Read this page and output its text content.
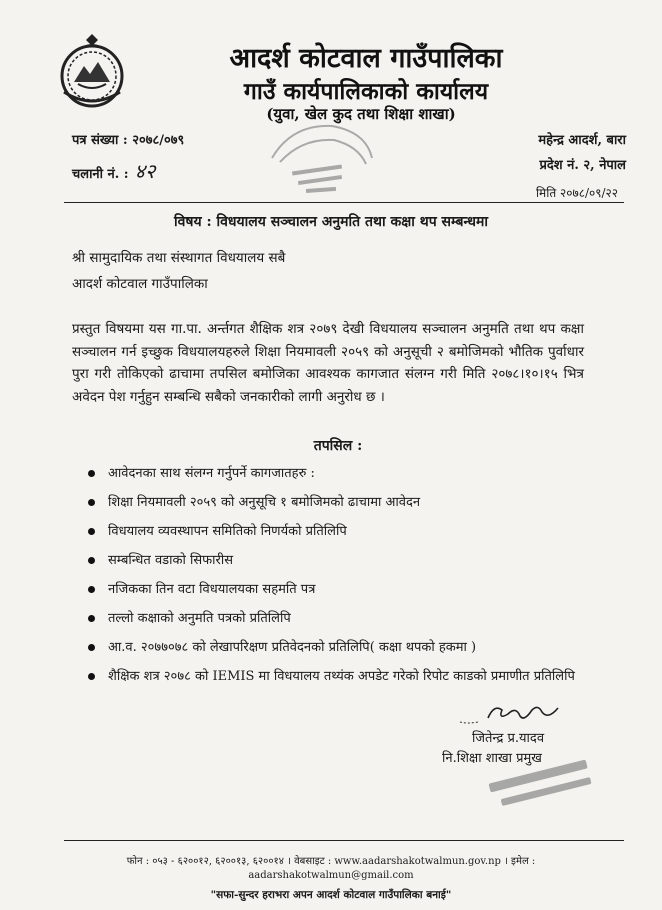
आदर्श कोटवाल गाउँपालिका
गाउँ कार्यपालिकाको कार्यालय
(युवा, खेल कुद तथा शिक्षा शाखा)
पत्र संख्या : २०७८/०७९
चलानी नं. : ४२
महेन्द्र आदर्श, बारा
प्रदेश नं. २, नेपाल
मिति २०७८/०९/२२
विषय : विधयालय सञ्चालन अनुमति तथा कक्षा थप सम्बन्धमा
श्री सामुदायिक तथा संस्थागत विधयालय सबै
आदर्श कोटवाल गाउँपालिका
प्रस्तुत विषयमा यस गा.पा. अर्न्तगत शैक्षिक शत्र २०७९ देखी विधयालय सञ्चालन अनुमति तथा थप कक्षा सञ्चालन गर्न इच्छुक विधयालयहरुले शिक्षा नियमावली २०५९ को अनुसूची २ बमोजिमको भौतिक पुर्वाधार पुरा गरी तोकिएको ढाचामा तपसिल बमोजिका आवश्यक कागजात संलग्न गरी मिति २०७८।१०।१५ भित्र अवेदन पेश गर्नुहुन सम्बन्धि सबैको जनकारीको लागी अनुरोध छ ।
तपसिल :
आवेदनका साथ संलग्न गर्नुपर्ने कागजातहरु :
शिक्षा नियमावली २०५९ को अनुसूचि १ बमोजिमको ढाचामा आवेदन
विधयालय व्यवस्थापन समितिको निणर्यको प्रतिलिपि
सम्बन्धित वडाको सिफारीस
नजिकका तिन वटा विधयालयका सहमति पत्र
तल्लो कक्षाको अनुमति पत्रको प्रतिलिपि
आ.व. २०७७०७८ को लेखापरिक्षण प्रतिवेदनको प्रतिलिपि( कक्षा थपको हकमा )
शैक्षिक शत्र २०७८ को IEMIS मा विधयालय तथ्यंक अपडेट गरेको रिपोट काडको प्रमाणीत प्रतिलिपि
जितेन्द्र प्र.यादव
नि.शिक्षा शाखा प्रमुख
फोन : ०५३ - ६२००१२, ६२००१३, ६२००१४ । वेबसाइट : www.aadarshakotwalmun.gov.np । इमेल :
aadarshakotwalmun@gmail.com
"सफा-सुन्दर हराभरा अपन आदर्श कोटवाल गाउँपालिका बनाई"
